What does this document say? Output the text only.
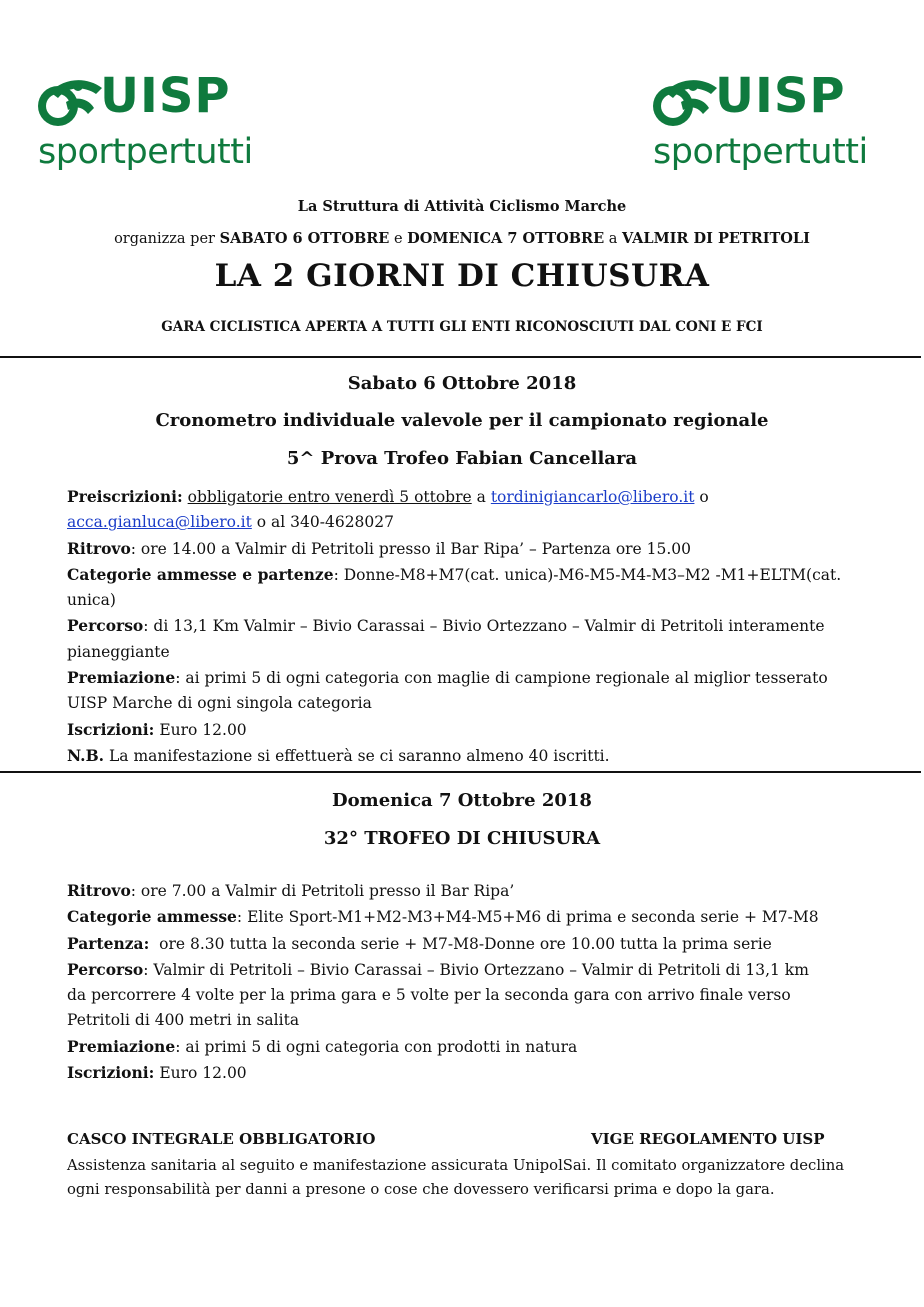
UISP
sportpertutti
UISP
sportpertutti
La Struttura di Attività Ciclismo Marche
organizza per SABATO 6 OTTOBRE e DOMENICA 7 OTTOBRE a VALMIR DI PETRITOLI
LA 2 GIORNI DI CHIUSURA
GARA CICLISTICA APERTA A TUTTI GLI ENTI RICONOSCIUTI DAL CONI E FCI
Sabato 6 Ottobre 2018
Cronometro individuale valevole per il campionato regionale
5^ Prova Trofeo Fabian Cancellara

Preiscrizioni: obbligatorie entro venerdì 5 ottobre a tordinigiancarlo@libero.it o

acca.gianluca@libero.it o al 340-4628027

Ritrovo: ore 14.00 a Valmir di Petritoli presso il Bar Ripa’ – Partenza ore 15.00

Categorie ammesse e partenze: Donne-M8+M7(cat. unica)-M6-M5-M4-M3–M2 -M1+ELTM(cat.

unica)

Percorso: di 13,1 Km Valmir – Bivio Carassai – Bivio Ortezzano – Valmir di Petritoli interamente

pianeggiante

Premiazione: ai primi 5 di ogni categoria con maglie di campione regionale al miglior tesserato

UISP Marche di ogni singola categoria

Iscrizioni: Euro 12.00

N.B. La manifestazione si effettuerà se ci saranno almeno 40 iscritti.

Domenica 7 Ottobre 2018
32° TROFEO DI CHIUSURA

Ritrovo: ore 7.00 a Valmir di Petritoli presso il Bar Ripa’

Categorie ammesse: Elite Sport-M1+M2-M3+M4-M5+M6 di prima e seconda serie + M7-M8

Partenza: ore 8.30 tutta la seconda serie + M7-M8-Donne ore 10.00 tutta la prima serie

Percorso: Valmir di Petritoli – Bivio Carassai – Bivio Ortezzano – Valmir di Petritoli di 13,1 km

da percorrere 4 volte per la prima gara e 5 volte per la seconda gara con arrivo finale verso

Petritoli di 400 metri in salita

Premiazione: ai primi 5 di ogni categoria con prodotti in natura

Iscrizioni: Euro 12.00

CASCO INTEGRALE OBBLIGATORIO	VIGE REGOLAMENTO UISP
Assistenza sanitaria al seguito e manifestazione assicurata UnipolSai. Il comitato organizzatore declina
ogni responsabilità per danni a presone o cose che dovessero verificarsi prima e dopo la gara.
